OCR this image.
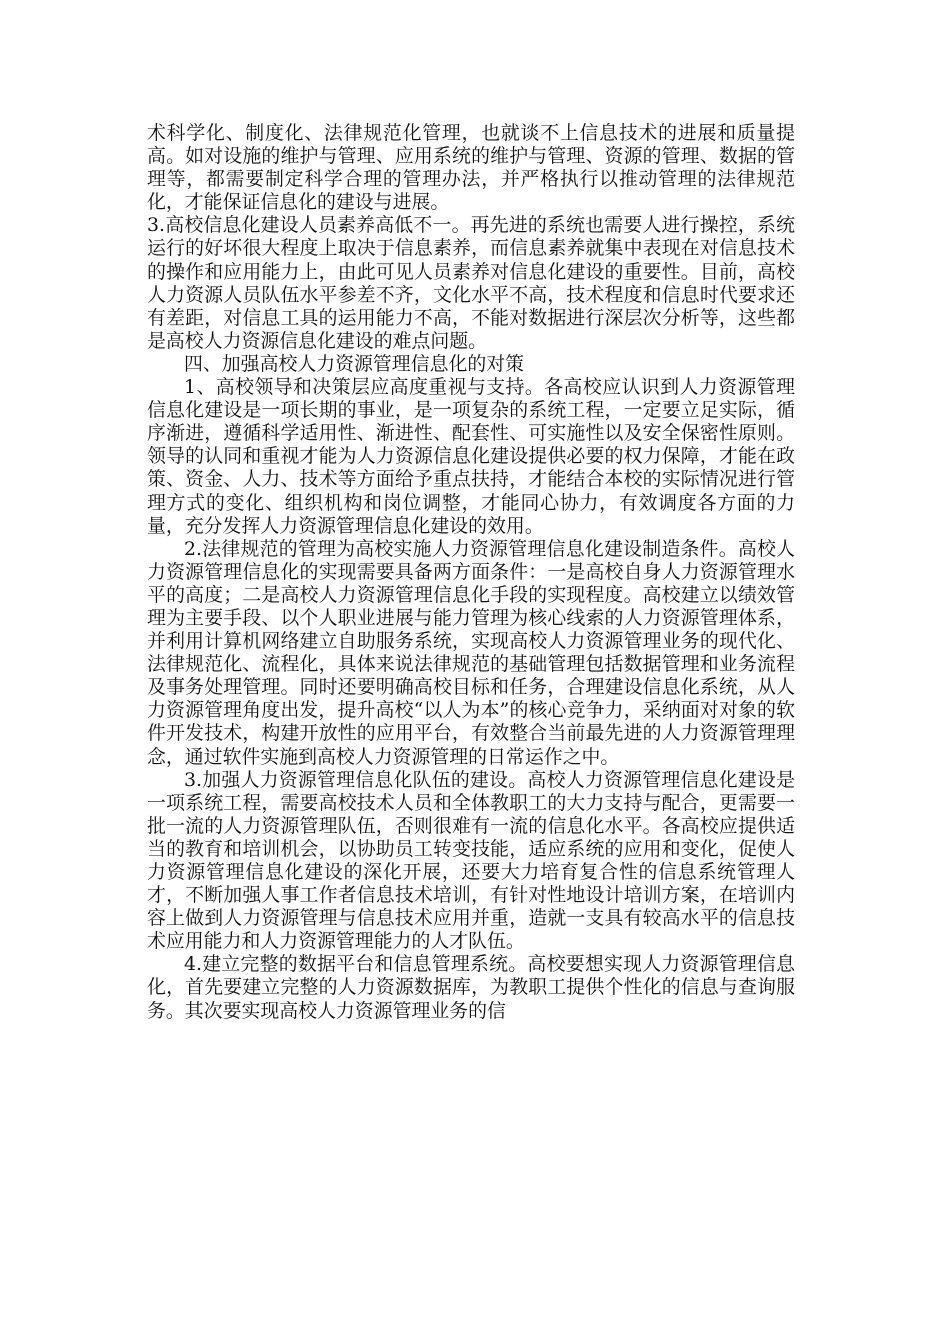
术科学化、制度化、法律规范化管理，也就谈不上信息技术的进展和质量提高。如对设施的维护与管理、应用系统的维护与管理、资源的管理、数据的管理等，都需要制定科学合理的管理办法，并严格执行以推动管理的法律规范化，才能保证信息化的建设与进展。

3.高校信息化建设人员素养高低不一。再先进的系统也需要人进行操控，系统运行的好坏很大程度上取决于信息素养，而信息素养就集中表现在对信息技术的操作和应用能力上，由此可见人员素养对信息化建设的重要性。目前，高校人力资源人员队伍水平参差不齐，文化水平不高，技术程度和信息时代要求还有差距，对信息工具的运用能力不高，不能对数据进行深层次分析等，这些都是高校人力资源信息化建设的难点问题。

四、加强高校人力资源管理信息化的对策

1、高校领导和决策层应高度重视与支持。各高校应认识到人力资源管理信息化建设是一项长期的事业，是一项复杂的系统工程，一定要立足实际，循序渐进，遵循科学适用性、渐进性、配套性、可实施性以及安全保密性原则。领导的认同和重视才能为人力资源信息化建设提供必要的权力保障，才能在政策、资金、人力、技术等方面给予重点扶持，才能结合本校的实际情况进行管理方式的变化、组织机构和岗位调整，才能同心协力，有效调度各方面的力量，充分发挥人力资源管理信息化建设的效用。

2.法律规范的管理为高校实施人力资源管理信息化建设制造条件。高校人力资源管理信息化的实现需要具备两方面条件：一是高校自身人力资源管理水平的高度；二是高校人力资源管理信息化手段的实现程度。高校建立以绩效管理为主要手段、以个人职业进展与能力管理为核心线索的人力资源管理体系，并利用计算机网络建立自助服务系统，实现高校人力资源管理业务的现代化、法律规范化、流程化，具体来说法律规范的基础管理包括数据管理和业务流程及事务处理管理。同时还要明确高校目标和任务，合理建设信息化系统，从人力资源管理角度出发，提升高校“以人为本”的核心竞争力，采纳面对对象的软件开发技术，构建开放性的应用平台，有效整合当前最先进的人力资源管理理念，通过软件实施到高校人力资源管理的日常运作之中。

3.加强人力资源管理信息化队伍的建设。高校人力资源管理信息化建设是一项系统工程，需要高校技术人员和全体教职工的大力支持与配合，更需要一批一流的人力资源管理队伍，否则很难有一流的信息化水平。各高校应提供适当的教育和培训机会，以协助员工转变技能，适应系统的应用和变化，促使人力资源管理信息化建设的深化开展，还要大力培育复合性的信息系统管理人才，不断加强人事工作者信息技术培训，有针对性地设计培训方案，在培训内容上做到人力资源管理与信息技术应用并重，造就一支具有较高水平的信息技术应用能力和人力资源管理能力的人才队伍。

4.建立完整的数据平台和信息管理系统。高校要想实现人力资源管理信息化，首先要建立完整的人力资源数据库，为教职工提供个性化的信息与查询服务。其次要实现高校人力资源管理业务的信
